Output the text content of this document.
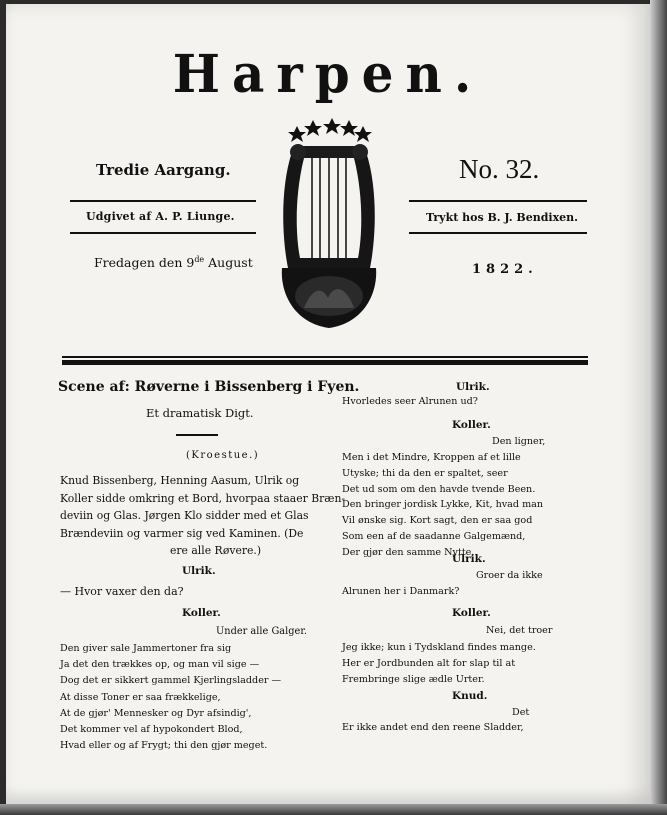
Harpen.
Tredie Aargang.	No. 32.
Udgivet af A. P. Liunge.	Trykt hos B. J. Bendixen.
Fredagen den 9de August	1822.
Scene af: Røverne i Bissenberg i Fyen.
Et dramatisk Digt.
(Kroestue.)
Knud Bissenberg, Henning Aasum, Ulrik og
Koller sidde omkring et Bord, hvorpaa staaer Bræn-
deviin og Glas. Jørgen Klo sidder med et Glas
Brændeviin og varmer sig ved Kaminen. (De
ere alle Røvere.)
Ulrik.
— Hvor vaxer den da?
Koller.
Under alle Galger.
Den giver sale Jammertoner fra sig
Ja det den trækkes op, og man vil sige —
Dog det er sikkert gammel Kjerlingsladder —
At disse Toner er saa frækkelige,
At de gjør' Mennesker og Dyr afsindig',
Det kommer vel af hypokondert Blod,
Hvad eller og af Frygt; thi den gjør meget.
Ulrik.
Hvorledes seer Alrunen ud?
Koller.
Den ligner,
Men i det Mindre, Kroppen af et lille
Utyske; thi da den er spaltet, seer
Det ud som om den havde tvende Been.
Den bringer jordisk Lykke, Kit, hvad man
Vil ønske sig. Kort sagt, den er saa god
Som een af de saadanne Galgemænd,
Der gjør den samme Nytte.
Ulrik.
Groer da ikke
Alrunen her i Danmark?
Koller.
Nei, det troer
Jeg ikke; kun i Tydskland findes mange.
Her er Jordbunden alt for slap til at
Frembringe slige ædle Urter.
Knud.
Det
Er ikke andet end den reene Sladder,
